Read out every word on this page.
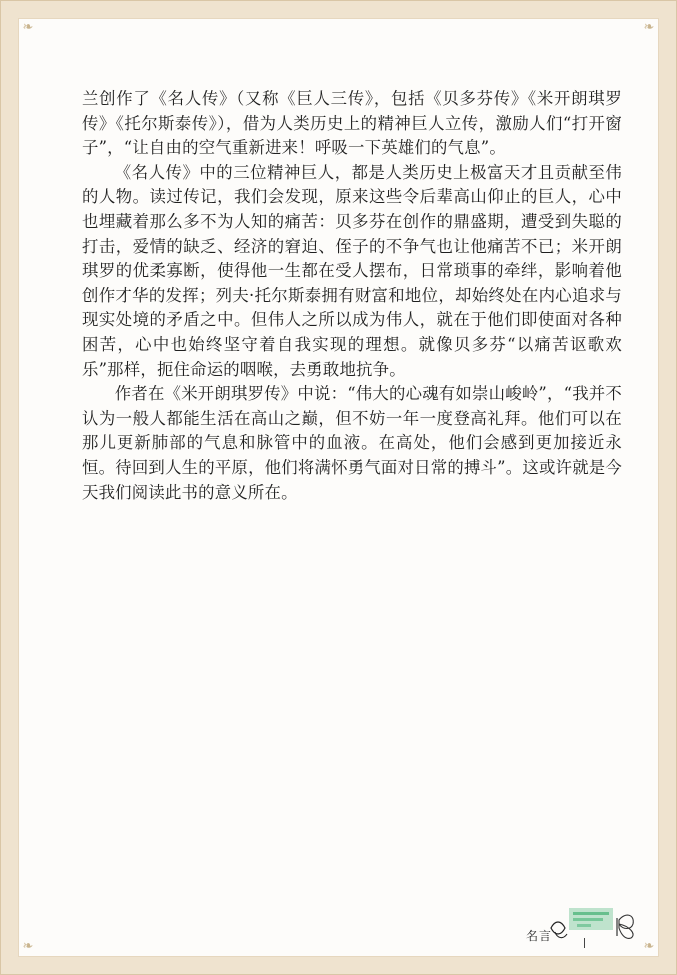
❧	❧
❧	❧

兰创作了《名人传》（又称《巨人三传》，包括《贝多芬传》《米开朗琪罗传》《托尔斯泰传》），借为人类历史上的精神巨人立传，激励人们“打开窗子”，“让自由的空气重新进来！呼吸一下英雄们的气息”。

《名人传》中的三位精神巨人，都是人类历史上极富天才且贡献至伟的人物。读过传记，我们会发现，原来这些令后辈高山仰止的巨人，心中也埋藏着那么多不为人知的痛苦：贝多芬在创作的鼎盛期，遭受到失聪的打击，爱情的缺乏、经济的窘迫、侄子的不争气也让他痛苦不已；米开朗琪罗的优柔寡断，使得他一生都在受人摆布，日常琐事的牵绊，影响着他创作才华的发挥；列夫·托尔斯泰拥有财富和地位，却始终处在内心追求与现实处境的矛盾之中。但伟人之所以成为伟人，就在于他们即使面对各种困苦，心中也始终坚守着自我实现的理想。就像贝多芬“以痛苦讴歌欢乐”那样，扼住命运的咽喉，去勇敢地抗争。

作者在《米开朗琪罗传》中说：“伟大的心魂有如崇山峻岭”，“我并不认为一般人都能生活在高山之巅，但不妨一年一度登高礼拜。他们可以在那儿更新肺部的气息和脉管中的血液。在高处，他们会感到更加接近永恒。待回到人生的平原，他们将满怀勇气面对日常的搏斗”。这或许就是今天我们阅读此书的意义所在。

名言
